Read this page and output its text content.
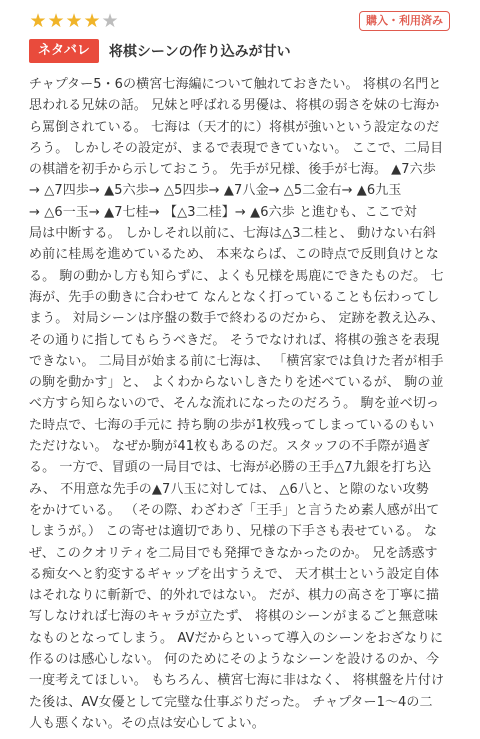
★ ★ ★ ★ ★	購入・利用済み
ネタバレ	将棋シーンの作り込みが甘い
チャプター5・6の横宮七海編について触れておきたい。 将棋の名門と
思われる兄妹の話。 兄妹と呼ばれる男優は、将棋の弱さを妹の七海か
ら罵倒されている。 七海は（天才的に）将棋が強いという設定なのだ
ろう。 しかしその設定が、まるで表現できていない。 ここで、二局目
の棋譜を初手から示しておこう。 先手が兄様、後手が七海。 ▲7六歩
→ △7四歩→ ▲5六歩→ △5四歩→ ▲7八金→ △5二金右→ ▲6九玉
→ △6一玉→ ▲7七桂→ 【△3二桂】→ ▲6六歩 と進むも、ここで対
局は中断する。 しかしそれ以前に、七海は△3二桂と、 動けない右斜
め前に桂馬を進めているため、 本来ならば、この時点で反則負けとな
る。 駒の動かし方も知らずに、よくも兄様を馬鹿にできたものだ。 七
海が、先手の動きに合わせて なんとなく打っていることも伝わってし
まう。 対局シーンは序盤の数手で終わるのだから、 定跡を教え込み、
その通りに指してもらうべきだ。 そうでなければ、将棋の強さを表現
できない。 二局目が始まる前に七海は、 「横宮家では負けた者が相手
の駒を動かす」と、 よくわからないしきたりを述べているが、 駒の並
べ方すら知らないので、そんな流れになったのだろう。 駒を並べ切っ
た時点で、七海の手元に 持ち駒の歩が1枚残ってしまっているのもい
ただけない。 なぜか駒が41枚もあるのだ。スタッフの不手際が過ぎ
る。 一方で、冒頭の一局目では、七海が必勝の王手△7九銀を打ち込
み、 不用意な先手の▲7八玉に対しては、 △6八と、と隙のない攻勢
をかけている。 （その際、わざわざ「王手」と言うため素人感が出て
しまうが。） この寄せは適切であり、兄様の下手さも表せている。 な
ぜ、このクオリティを二局目でも発揮できなかったのか。 兄を誘惑す
る痴女へと豹変するギャップを出すうえで、 天才棋士という設定自体
はそれなりに斬新で、的外れではない。 だが、棋力の高さを丁寧に描
写しなければ七海のキャラが立たず、 将棋のシーンがまるごと無意味
なものとなってしまう。 AVだからといって導入のシーンをおざなりに
作るのは感心しない。 何のためにそのようなシーンを設けるのか、今
一度考えてほしい。 もちろん、横宮七海に非はなく、 将棋盤を片付け
た後は、AV女優として完璧な仕事ぶりだった。 チャプター1〜4の二
人も悪くない。その点は安心してよい。
